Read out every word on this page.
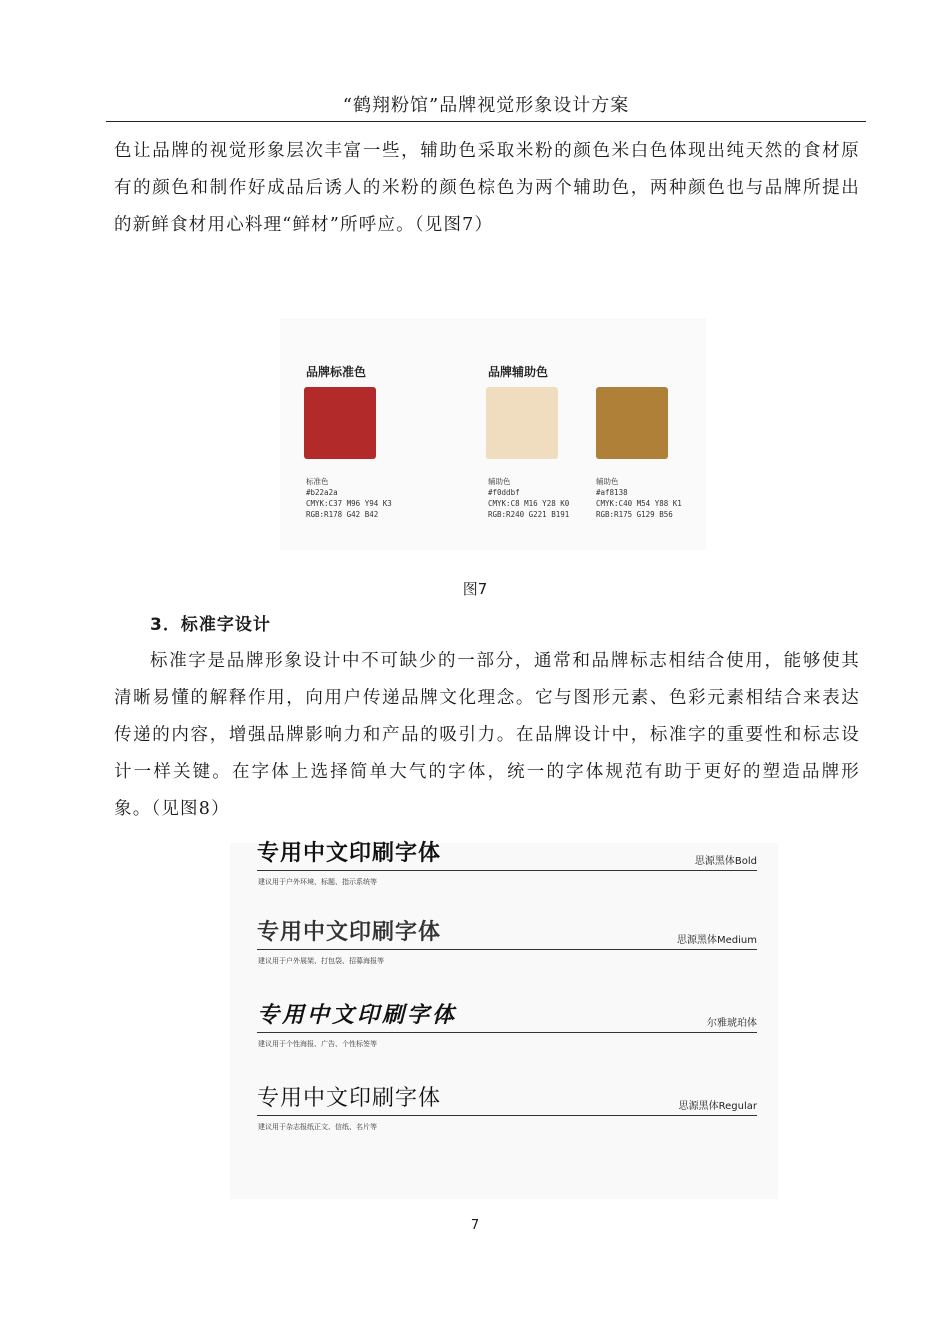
“鹤翔粉馆”品牌视觉形象设计方案

色让品牌的视觉形象层次丰富一些，辅助色采取米粉的颜色米白色体现出纯天然的食材原有的颜色和制作好成品后诱人的米粉的颜色棕色为两个辅助色，两种颜色也与品牌所提出的新鲜食材用心料理“鲜材”所呼应。（见图7）

品牌标准色	品牌辅助色
标准色
#b22a2a
CMYK:C37 M96 Y94 K3
RGB:R178 G42 B42
辅助色
#f0ddbf
CMYK:C8 M16 Y28 K0
RGB:R240 G221 B191
辅助色
#af8138
CMYK:C40 M54 Y88 K1
RGB:R175 G129 B56
图7
3．标准字设计

标准字是品牌形象设计中不可缺少的一部分，通常和品牌标志相结合使用，能够使其清晰易懂的解释作用，向用户传递品牌文化理念。它与图形元素、色彩元素相结合来表达传递的内容，增强品牌影响力和产品的吸引力。在品牌设计中，标准字的重要性和标志设计一样关键。在字体上选择简单大气的字体，统一的字体规范有助于更好的塑造品牌形象。（见图8）

专用中文印刷字体	思源黑体Bold
建议用于户外环境、标题、指示系统等
专用中文印刷字体	思源黑体Medium
建议用于户外展架、打包袋、招募海报等
专用中文印刷字体	尔雅琥珀体
建议用于个性海报、广告、个性标签等
专用中文印刷字体	思源黑体Regular
建议用于杂志报纸正文、信纸、名片等
7
